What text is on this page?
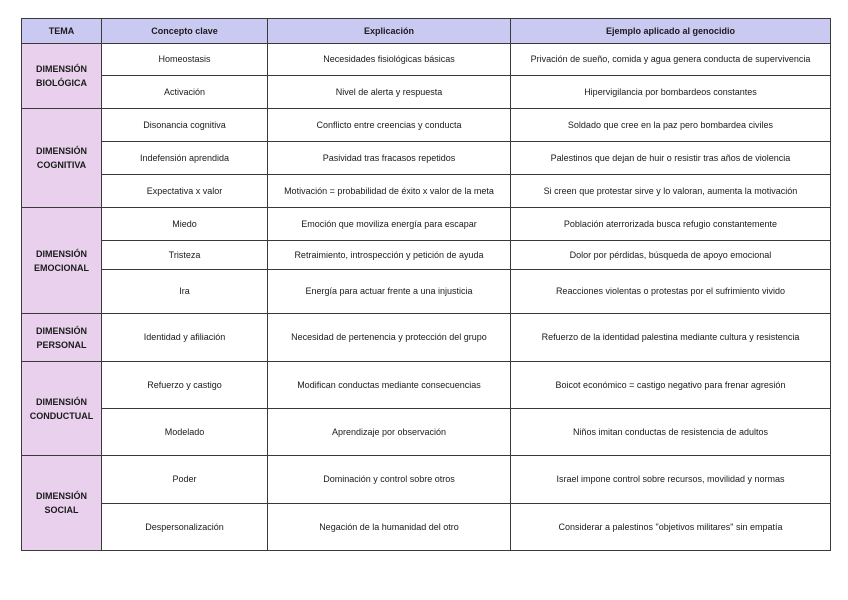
TEMA	Concepto clave	Explicación	Ejemplo aplicado al genocidio
DIMENSIÓN BIOLÓGICA	Homeostasis	Necesidades fisiológicas básicas	Privación de sueño, comida y agua genera conducta de supervivencia
	Activación	Nivel de alerta y respuesta	Hipervigilancia por bombardeos constantes
DIMENSIÓN COGNITIVA	Disonancia cognitiva	Conflicto entre creencias y conducta	Soldado que cree en la paz pero bombardea civiles
	Indefensión aprendida	Pasividad tras fracasos repetidos	Palestinos que dejan de huir o resistir tras años de violencia
	Expectativa x valor	Motivación = probabilidad de éxito x valor de la meta	Si creen que protestar sirve y lo valoran, aumenta la motivación
DIMENSIÓN EMOCIONAL	Miedo	Emoción que moviliza energía para escapar	Población aterrorizada busca refugio constantemente
	Tristeza	Retraimiento, introspección y petición de ayuda	Dolor por pérdidas, búsqueda de apoyo emocional
	Ira	Energía para actuar frente a una injusticia	Reacciones violentas o protestas por el sufrimiento vivido
DIMENSIÓN PERSONAL	Identidad y afiliación	Necesidad de pertenencia y protección del grupo	Refuerzo de la identidad palestina mediante cultura y resistencia
DIMENSIÓN CONDUCTUAL	Refuerzo y castigo	Modifican conductas mediante consecuencias	Boicot económico = castigo negativo para frenar agresión
	Modelado	Aprendizaje por observación	Niños imitan conductas de resistencia de adultos
DIMENSIÓN SOCIAL	Poder	Dominación y control sobre otros	Israel impone control sobre recursos, movilidad y normas
	Despersonalización	Negación de la humanidad del otro	Considerar a palestinos "objetivos militares" sin empatía
